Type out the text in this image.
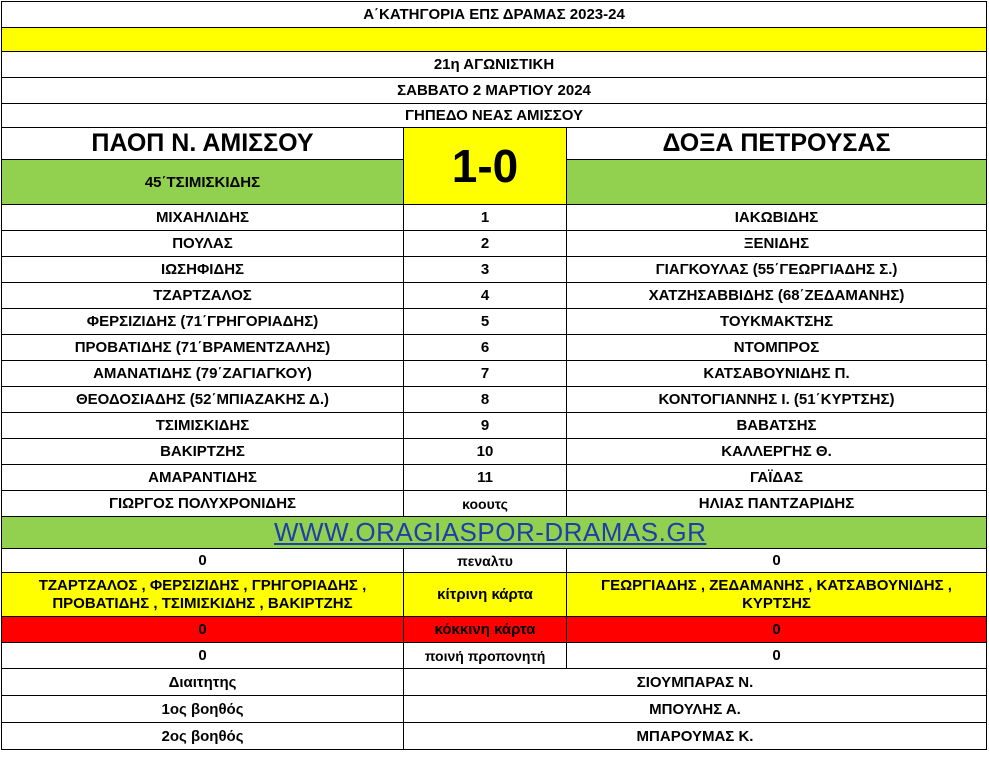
Α΄ΚΑΤΗΓΟΡΙΑ ΕΠΣ ΔΡΑΜΑΣ 2023-24		

21η ΑΓΩΝΙΣΤΙΚΗ		
ΣΑΒΒΑΤΟ 2 ΜΑΡΤΙΟΥ 2024		
ΓΗΠΕΔΟ ΝΕΑΣ ΑΜΙΣΣΟΥ		
ΠΑΟΠ Ν. ΑΜΙΣΣΟΥ	1-0	ΔΟΞΑ ΠΕΤΡΟΥΣΑΣ
45΄ΤΣΙΜΙΣΚΙΔΗΣ		
ΜΙΧΑΗΛΙΔΗΣ	1	ΙΑΚΩΒΙΔΗΣ
ΠΟΥΛΑΣ	2	ΞΕΝΙΔΗΣ
ΙΩΣΗΦΙΔΗΣ	3	ΓΙΑΓΚΟΥΛΑΣ (55΄ΓΕΩΡΓΙΑΔΗΣ Σ.)
ΤΖΑΡΤΖΑΛΟΣ	4	ΧΑΤΖΗΣΑΒΒΙΔΗΣ (68΄ΖΕΔΑΜΑΝΗΣ)
ΦΕΡΣΙΖΙΔΗΣ (71΄ΓΡΗΓΟΡΙΑΔΗΣ)	5	ΤΟΥΚΜΑΚΤΣΗΣ
ΠΡΟΒΑΤΙΔΗΣ (71΄ΒΡΑΜΕΝΤΖΑΛΗΣ)	6	ΝΤΟΜΠΡΟΣ
ΑΜΑΝΑΤΙΔΗΣ (79΄ΖΑΓΙΑΓΚΟΥ)	7	ΚΑΤΣΑΒΟΥΝΙΔΗΣ Π.
ΘΕΟΔΟΣΙΑΔΗΣ (52΄ΜΠΙΑΖΑΚΗΣ Δ.)	8	ΚΟΝΤΟΓΙΑΝΝΗΣ Ι. (51΄ΚΥΡΤΣΗΣ)
ΤΣΙΜΙΣΚΙΔΗΣ	9	ΒΑΒΑΤΣΗΣ
ΒΑΚΙΡΤΖΗΣ	10	ΚΑΛΛΕΡΓΗΣ Θ.
ΑΜΑΡΑΝΤΙΔΗΣ	11	ΓΑΪΔΑΣ
ΓΙΩΡΓΟΣ ΠΟΛΥΧΡΟΝΙΔΗΣ	κοουτς	ΗΛΙΑΣ ΠΑΝΤΖΑΡΙΔΗΣ
WWW.ORAGIASPOR-DRAMAS.GR		
0	πεναλτυ	0
ΤΖΑΡΤΖΑΛΟΣ , ΦΕΡΣΙΖΙΔΗΣ , ΓΡΗΓΟΡΙΑΔΗΣ , ΠΡΟΒΑΤΙΔΗΣ , ΤΣΙΜΙΣΚΙΔΗΣ , ΒΑΚΙΡΤΖΗΣ	κίτρινη κάρτα	ΓΕΩΡΓΙΑΔΗΣ , ΖΕΔΑΜΑΝΗΣ , ΚΑΤΣΑΒΟΥΝΙΔΗΣ , ΚΥΡΤΣΗΣ
0	κόκκινη κάρτα	0
0	ποινή προπονητή	0
Διαιτητης	ΣΙΟΥΜΠΑΡΑΣ Ν.	
1ος βοηθός	ΜΠΟΥΛΗΣ Α.	
2ος βοηθός	ΜΠΑΡΟΥΜΑΣ Κ.	
